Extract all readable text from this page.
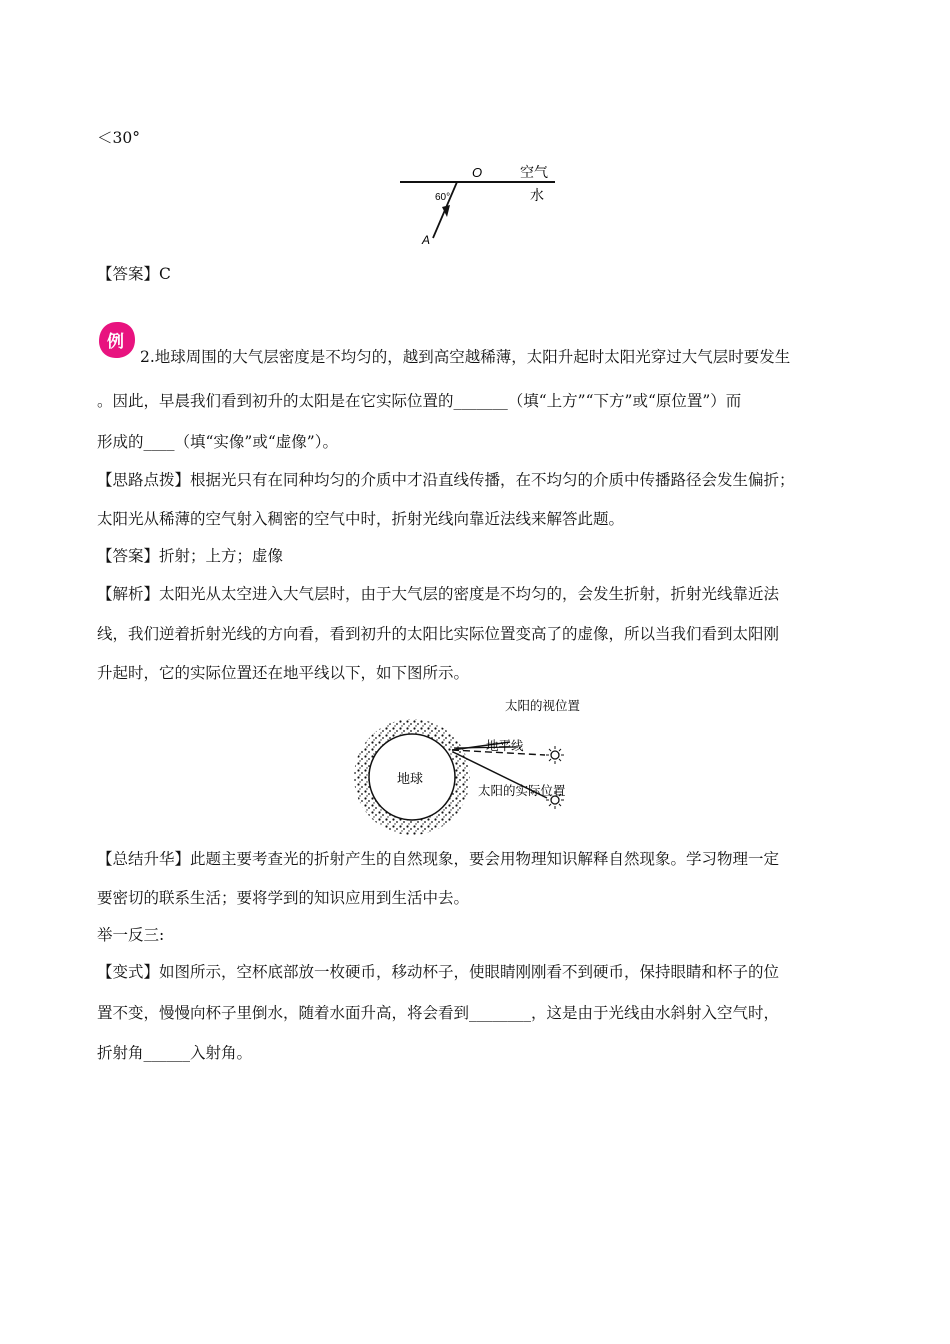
＜30°
O	空气
水
60°
A
【答案】C
例
2.地球周围的大气层密度是不均匀的，越到高空越稀薄，太阳升起时太阳光穿过大气层时要发生
。因此，早晨我们看到初升的太阳是在它实际位置的_______（填“上方”“下方”或“原位置”）而
形成的____（填“实像”或“虚像”）。
【思路点拨】根据光只有在同种均匀的介质中才沿直线传播，在不均匀的介质中传播路径会发生偏折；
太阳光从稀薄的空气射入稠密的空气中时，折射光线向靠近法线来解答此题。
【答案】折射；上方；虚像
【解析】太阳光从太空进入大气层时，由于大气层的密度是不均匀的，会发生折射，折射光线靠近法
线，我们逆着折射光线的方向看，看到初升的太阳比实际位置变高了的虚像，所以当我们看到太阳刚
升起时，它的实际位置还在地平线以下，如下图所示。
地球
太阳的视位置
地平线
太阳的实际位置
【总结升华】此题主要考查光的折射产生的自然现象，要会用物理知识解释自然现象。学习物理一定
要密切的联系生活；要将学到的知识应用到生活中去。
举一反三:
【变式】如图所示，空杯底部放一枚硬币，移动杯子，使眼睛刚刚看不到硬币，保持眼睛和杯子的位
置不变，慢慢向杯子里倒水，随着水面升高，将会看到________，这是由于光线由水斜射入空气时，
折射角______入射角。
